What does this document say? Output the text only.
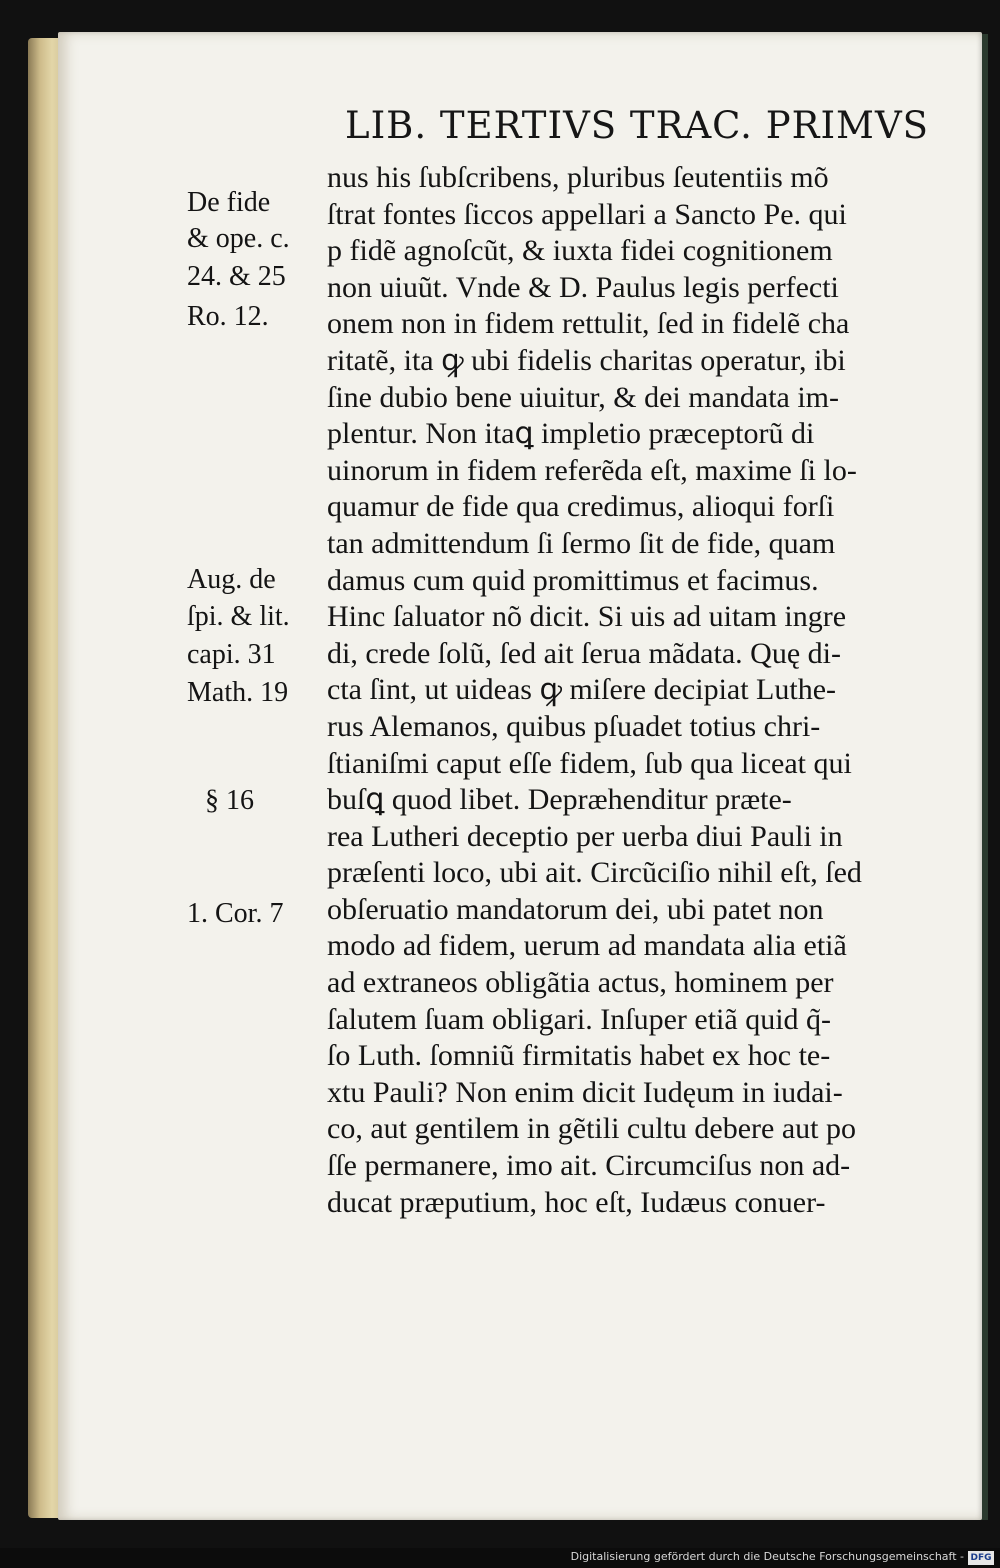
LIB. TERTIVS TRAC. PRIMVS
nus his ſubſcribens, pluribus ſeutentiis mõ
ſtrat fontes ſiccos appellari a Sancto Pe. qui
p fidẽ agnoſcũt, & iuxta fidei cognitionem
non uiuũt. Vnde & D. Paulus legis perfecti
onem non in fidem rettulit, ſed in fidelẽ cha
ritatẽ, ita ꝙ ubi fidelis charitas operatur, ibi
ſine dubio bene uiuitur, & dei mandata im-
plentur. Non itaꝗ impletio præceptorũ di
uinorum in fidem referẽda eſt, maxime ſi lo-
quamur de fide qua credimus, alioqui forſi
tan admittendum ſi ſermo ſit de fide, quam
damus cum quid promittimus et facimus.
Hinc ſaluator nõ dicit. Si uis ad uitam ingre
di, crede ſolũ, ſed ait ſerua mãdata. Quę di-
cta ſint, ut uideas ꝙ miſere decipiat Luthe-
rus Alemanos, quibus pſuadet totius chri-
ſtianiſmi caput eſſe fidem, ſub qua liceat qui
buſꝗ quod libet. Depræhenditur præte-
rea Lutheri deceptio per uerba diui Pauli in
præſenti loco, ubi ait. Circũciſio nihil eſt, ſed
obſeruatio mandatorum dei, ubi patet non
modo ad fidem, uerum ad mandata alia etiã
ad extraneos obligãtia actus, hominem per
ſalutem ſuam obligari. Inſuper etiã quid q̃-
ſo Luth. ſomniũ firmitatis habet ex hoc te-
xtu Pauli? Non enim dicit Iudęum in iudai-
co, aut gentilem in gẽtili cultu debere aut po
ſſe permanere, imo ait. Circumciſus non ad-
ducat præputium, hoc eſt, Iudæus conuer-
De fide
& ope. c.
24. & 25
Ro. 12.
Aug. de
ſpi. & lit.
capi. 31
Math. 19
§ 16
1. Cor. 7
Digitalisierung gefördert durch die Deutsche Forschungsgemeinschaft - DFG
